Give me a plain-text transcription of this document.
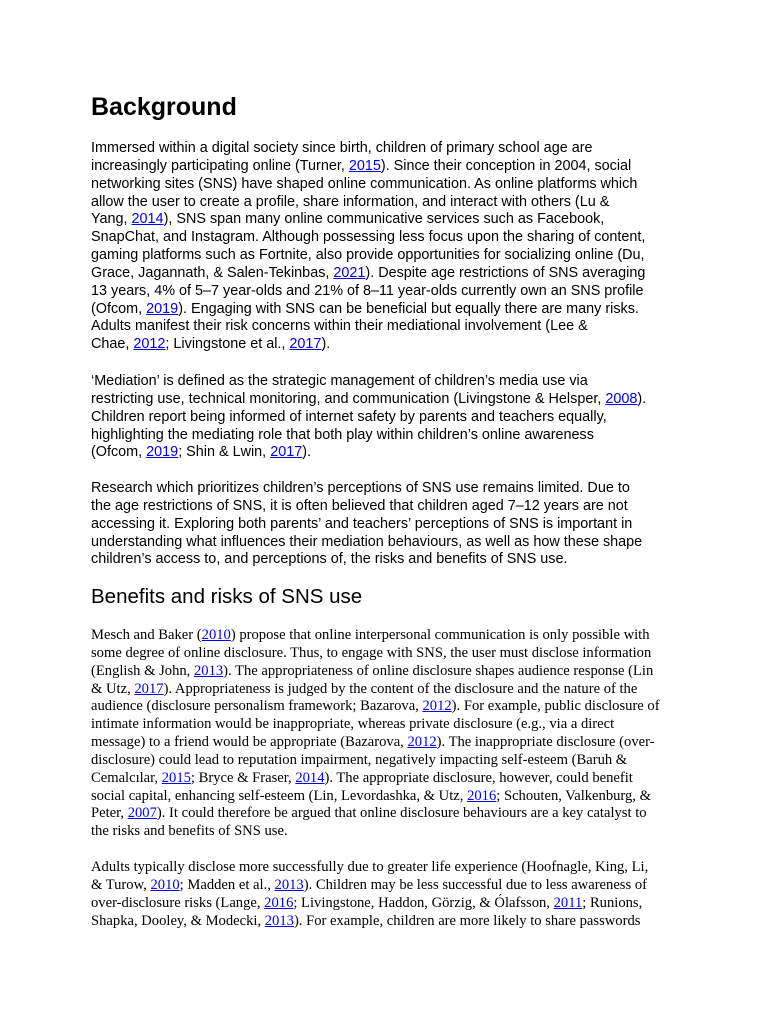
Background
Benefits and risks of SNS use

Immersed within a digital society since birth, children of primary school age are
increasingly participating online (Turner, 2015). Since their conception in 2004, social
networking sites (SNS) have shaped online communication. As online platforms which
allow the user to create a profile, share information, and interact with others (Lu &
Yang, 2014), SNS span many online communicative services such as Facebook,
SnapChat, and Instagram. Although possessing less focus upon the sharing of content,
gaming platforms such as Fortnite, also provide opportunities for socializing online (Du,
Grace, Jagannath, & Salen-Tekinbas, 2021). Despite age restrictions of SNS averaging
13 years, 4% of 5–7 year-olds and 21% of 8–11 year-olds currently own an SNS profile
(Ofcom, 2019). Engaging with SNS can be beneficial but equally there are many risks.
Adults manifest their risk concerns within their mediational involvement (Lee &
Chae, 2012; Livingstone et al., 2017).

‘Mediation’ is defined as the strategic management of children’s media use via
restricting use, technical monitoring, and communication (Livingstone & Helsper, 2008).
Children report being informed of internet safety by parents and teachers equally,
highlighting the mediating role that both play within children’s online awareness
(Ofcom, 2019; Shin & Lwin, 2017).

Research which prioritizes children’s perceptions of SNS use remains limited. Due to
the age restrictions of SNS, it is often believed that children aged 7–12 years are not
accessing it. Exploring both parents’ and teachers’ perceptions of SNS is important in
understanding what influences their mediation behaviours, as well as how these shape
children’s access to, and perceptions of, the risks and benefits of SNS use.

Mesch and Baker (2010) propose that online interpersonal communication is only possible with
some degree of online disclosure. Thus, to engage with SNS, the user must disclose information
(English & John, 2013). The appropriateness of online disclosure shapes audience response (Lin
& Utz, 2017). Appropriateness is judged by the content of the disclosure and the nature of the
audience (disclosure personalism framework; Bazarova, 2012). For example, public disclosure of
intimate information would be inappropriate, whereas private disclosure (e.g., via a direct
message) to a friend would be appropriate (Bazarova, 2012). The inappropriate disclosure (over-
disclosure) could lead to reputation impairment, negatively impacting self-esteem (Baruh &
Cemalcılar, 2015; Bryce & Fraser, 2014). The appropriate disclosure, however, could benefit
social capital, enhancing self-esteem (Lin, Levordashka, & Utz, 2016; Schouten, Valkenburg, &
Peter, 2007). It could therefore be argued that online disclosure behaviours are a key catalyst to
the risks and benefits of SNS use.

Adults typically disclose more successfully due to greater life experience (Hoofnagle, King, Li,
& Turow, 2010; Madden et al., 2013). Children may be less successful due to less awareness of
over-disclosure risks (Lange, 2016; Livingstone, Haddon, Görzig, & Ólafsson, 2011; Runions,
Shapka, Dooley, & Modecki, 2013). For example, children are more likely to share passwords
